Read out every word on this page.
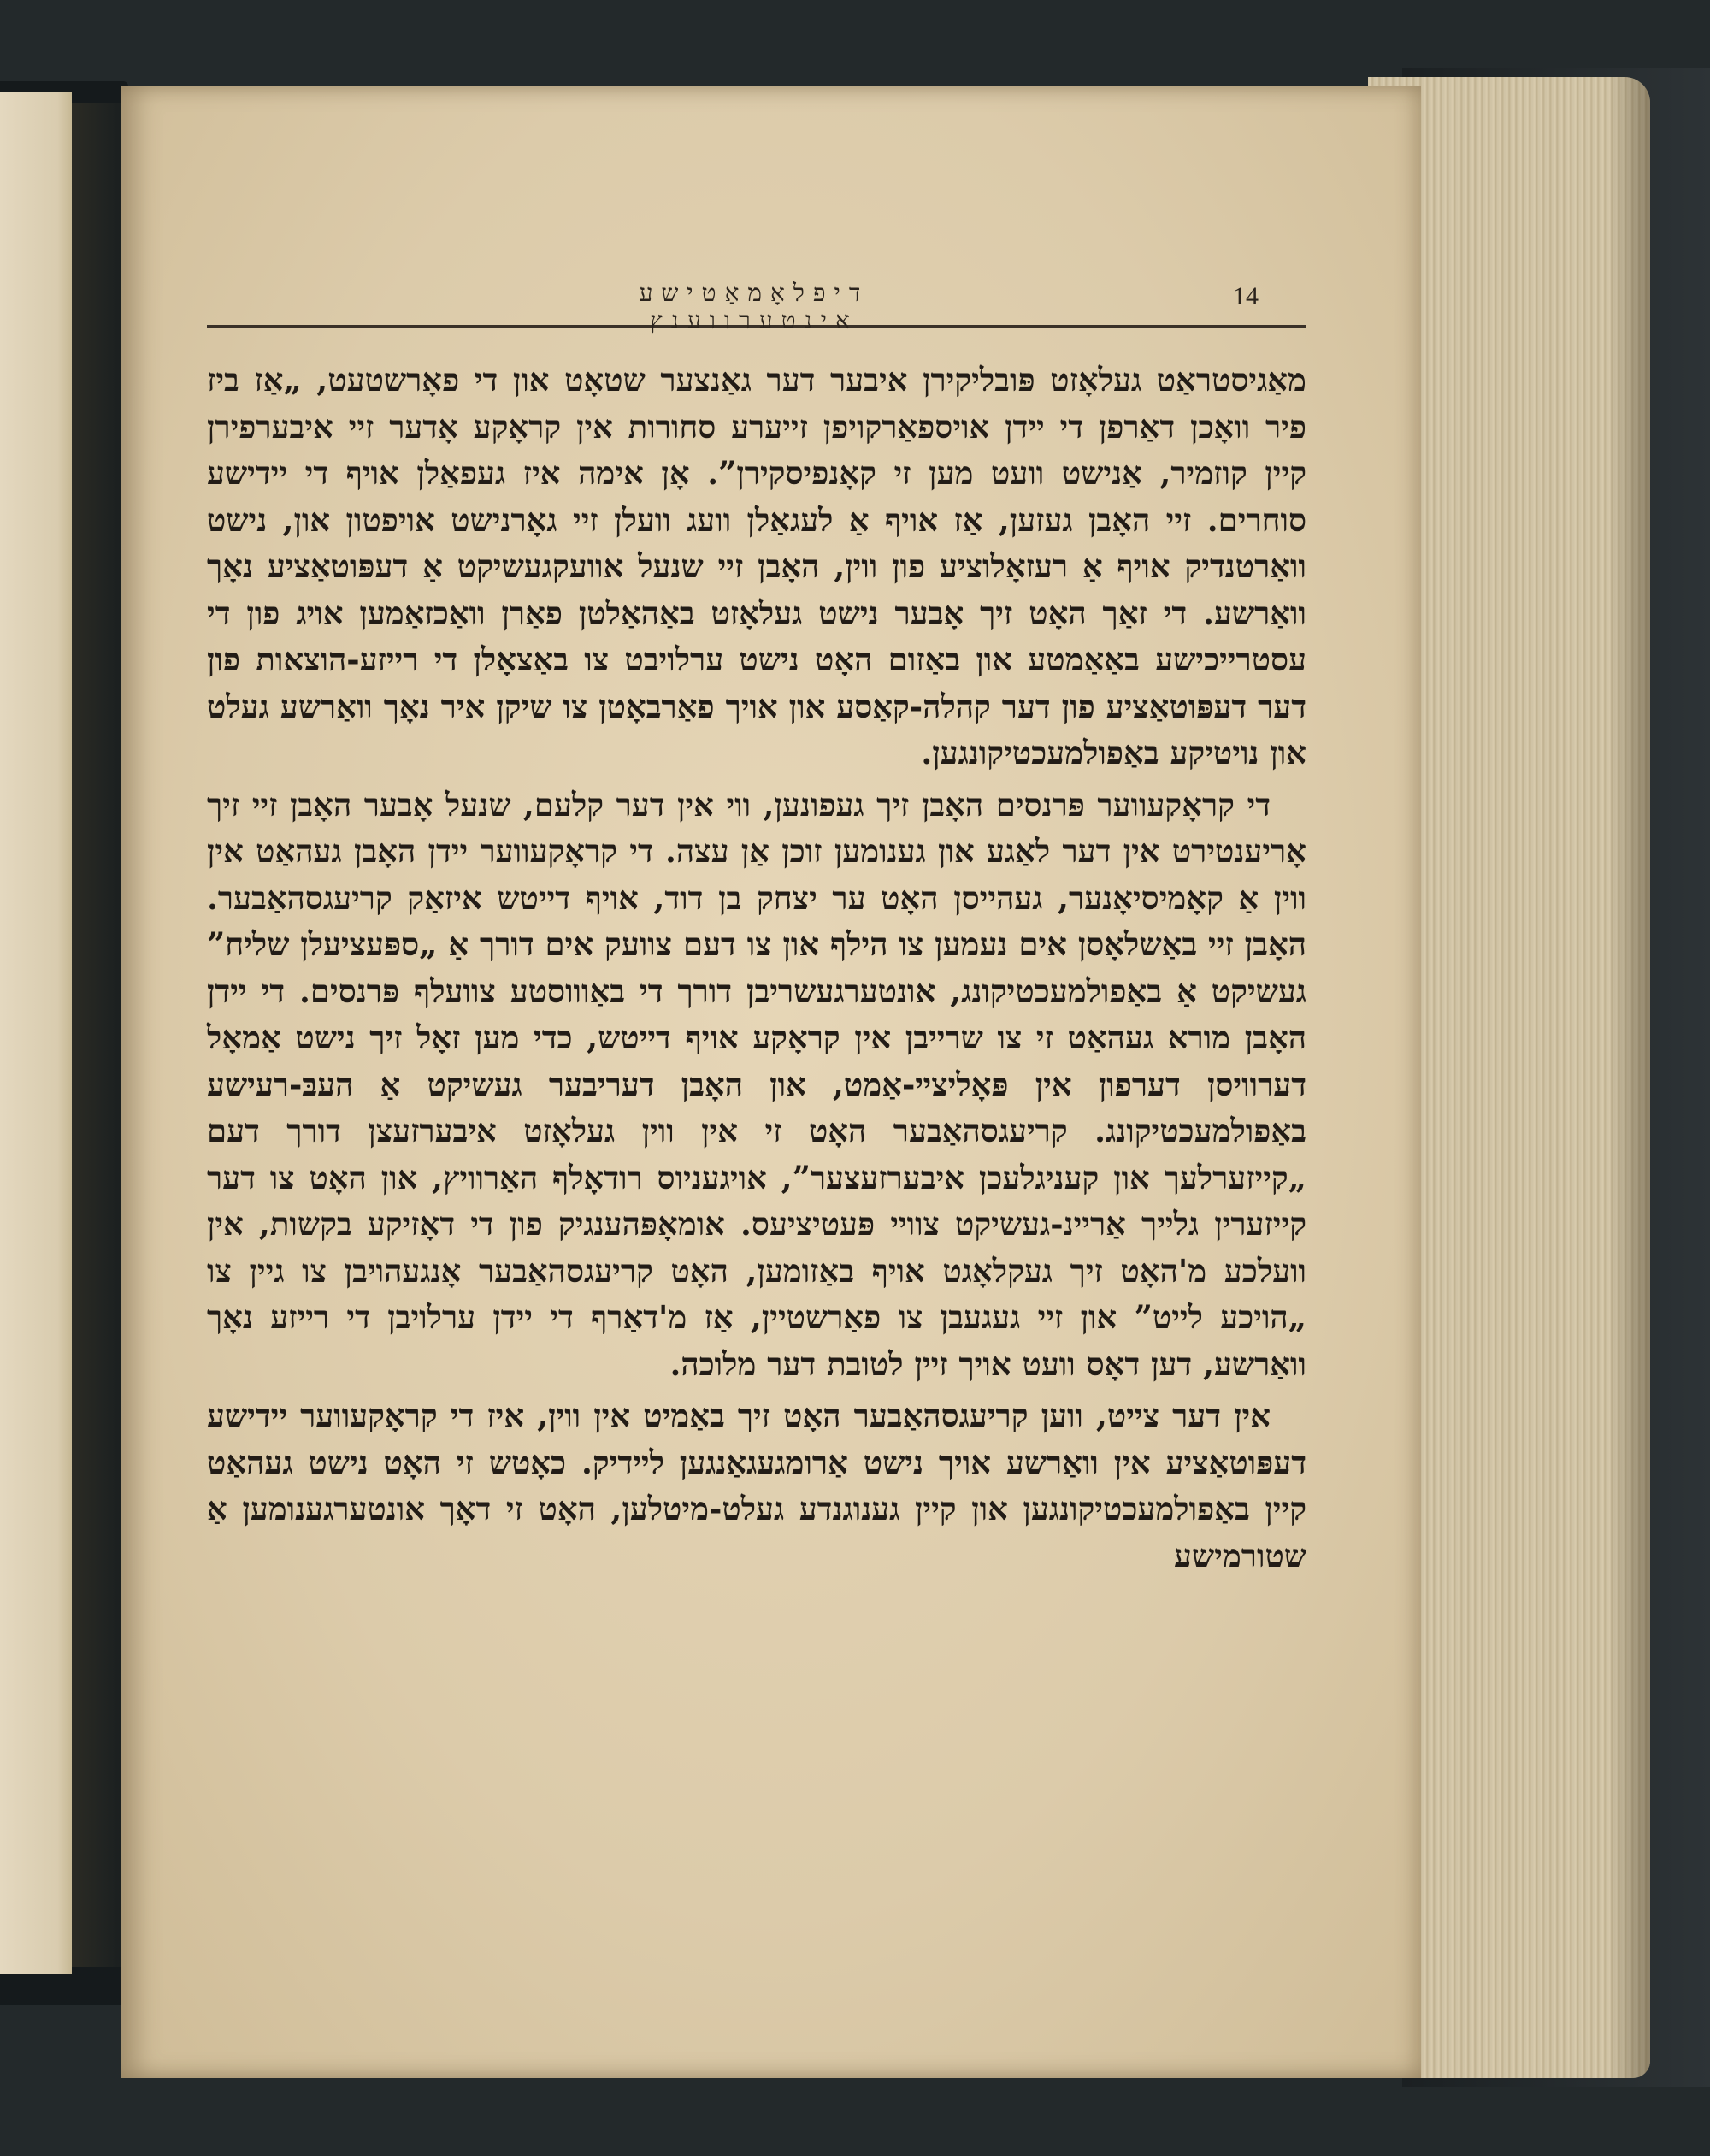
דיפלאָמאַטישע אינטערווענץ
14

מאַגיסטראַט געלאָזט פּובליקירן איבער דער גאַנצער שטאָט און די פאָרשטעט, „אַז ביז פיר וואָכן דאַרפן די יידן אויספאַרקויפן זייערע סחורות אין קראָקע אָדער זיי איבערפירן קיין קוזמיר, אַנישט וועט מען זי קאָנפיסקירן”. אָן אימה איז געפאַלן אויף די יידישע סוחרים. זיי האָבן געזען, אַז אויף אַ לעגאַלן וועג וועלן זיי גאָרנישט אויפטון און, נישט וואַרטנדיק אויף אַ רעזאָלוציע פון ווין, האָבן זיי שנעל אוועקגעשיקט אַ דעפּוטאַציע נאָך וואַרשע. די זאַך האָט זיך אָבער נישט געלאָזט באַהאַלטן פאַרן וואַכזאַמען אויג פון די עסטרייכישע באַאַמטע און באַזום האָט נישט ערלויבט צו באַצאָלן די רייזע-הוצאות פון דער דעפּוטאַציע פון דער קהלה-קאַסע און אויך פאַרבאָטן צו שיקן איר נאָך וואַרשע געלט און נויטיקע באַפולמעכטיקונגען.

די קראָקעווער פּרנסים האָבן זיך געפונען, ווי אין דער קלעם, שנעל אָבער האָבן זיי זיך אָריענטירט אין דער לאַגע און גענומען זוכן אַן עצה. די קראָקעווער יידן האָבן געהאַט אין ווין אַ קאָמיסיאָנער, געהייסן האָט ער יצחק בן דוד, אויף דייטש איזאַק קריעגסהאַבער. האָבן זיי באַשלאָסן אים נעמען צו הילף און צו דעם צוועק אים דורך אַ „ספּעציעלן שליח” געשיקט אַ באַפולמעכטיקונג, אונטערגעשריבן דורך די באַוווסטע צוועלף פּרנסים. די יידן האָבן מורא געהאַט זי צו שרייבן אין קראָקע אויף דייטש, כדי מען זאָל זיך נישט אַמאָל דערוויסן דערפון אין פּאָליצײ-אַמט, און האָבן דעריבער געשיקט אַ העבּ-רעישע באַפולמעכטיקונג. קריעגסהאַבער האָט זי אין ווין געלאָזט איבערזעצן דורך דעם „קייזערלעך און קעניגלעכן איבערזעצער”, אויגעניוס רודאָלף האַרוויץ, און האָט צו דער קייזערין גלייך אַריינ-געשיקט צוויי פּעטיציעס. אומאָפּהענגיק פון די דאָזיקע בקשות, אין וועלכע מ'האָט זיך געקלאָגט אויף באַזומען, האָט קריעגסהאַבער אָנגעהויבן צו גיין צו „הויכע לייט” און זיי געגעבן צו פאַרשטיין, אַז מ'דאַרף די יידן ערלויבן די רייזע נאָך וואַרשע, דען דאָס וועט אויך זיין לטובת דער מלוכה.

אין דער צייט, ווען קריעגסהאַבער האָט זיך באַמיט אין ווין, איז די קראָקעווער יידישע דעפּוטאַציע אין וואַרשע אויך נישט אַרומגעגאַנגען ליידיק. כאָטש זי האָט נישט געהאַט קיין באַפולמעכטיקונגען און קיין גענוגנדע געלט-מיטלען, האָט זי דאָך אונטערגענומען אַ שטורמישע
